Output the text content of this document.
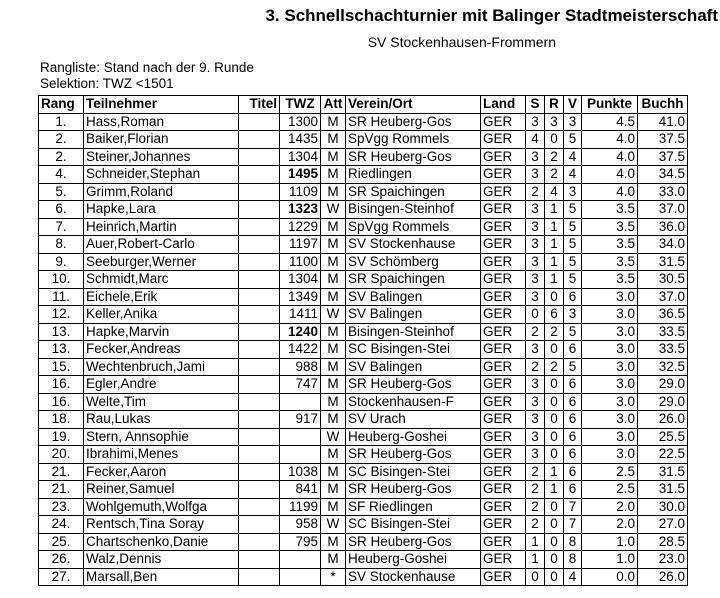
3. Schnellschachturnier mit Balinger Stadtmeisterschaft
SV Stockenhausen-Frommern
Rangliste: Stand nach der 9. Runde
Selektion: TWZ <1501
Rang	Teilnehmer	Titel	TWZ	Att	Verein/Ort	Land	S	R	V	Punkte	Buchh
1.	Hass,Roman		1300	M	SR Heuberg-Gos	GER	3	3	3	4.5	41.0
2.	Baiker,Florian		1435	M	SpVgg Rommels	GER	4	0	5	4.0	37.5
2.	Steiner,Johannes		1304	M	SR Heuberg-Gos	GER	3	2	4	4.0	37.5
4.	Schneider,Stephan		1495	M	Riedlingen	GER	3	2	4	4.0	34.5
5.	Grimm,Roland		1109	M	SR Spaichingen	GER	2	4	3	4.0	33.0
6.	Hapke,Lara		1323	W	Bisingen-Steinhof	GER	3	1	5	3.5	37.0
7.	Heinrich,Martin		1229	M	SpVgg Rommels	GER	3	1	5	3.5	36.0
8.	Auer,Robert-Carlo		1197	M	SV Stockenhause	GER	3	1	5	3.5	34.0
9.	Seeburger,Werner		1100	M	SV Schömberg	GER	3	1	5	3.5	31.5
10.	Schmidt,Marc		1304	M	SR Spaichingen	GER	3	1	5	3.5	30.5
11.	Eichele,Erik		1349	M	SV Balingen	GER	3	0	6	3.0	37.0
12.	Keller,Anika		1411	W	SV Balingen	GER	0	6	3	3.0	36.5
13.	Hapke,Marvin		1240	M	Bisingen-Steinhof	GER	2	2	5	3.0	33.5
13.	Fecker,Andreas		1422	M	SC Bisingen-Stei	GER	3	0	6	3.0	33.5
15.	Wechtenbruch,Jami		988	M	SV Balingen	GER	2	2	5	3.0	32.5
16.	Egler,Andre		747	M	SR Heuberg-Gos	GER	3	0	6	3.0	29.0
16.	Welte,Tim			M	Stockenhausen-F	GER	3	0	6	3.0	29.0
18.	Rau,Lukas		917	M	SV Urach	GER	3	0	6	3.0	26.0
19.	Stern, Annsophie			W	Heuberg-Goshei	GER	3	0	6	3.0	25.5
20.	Ibrahimi,Menes			M	SR Heuberg-Gos	GER	3	0	6	3.0	22.5
21.	Fecker,Aaron		1038	M	SC Bisingen-Stei	GER	2	1	6	2.5	31.5
21.	Reiner,Samuel		841	M	SR Heuberg-Gos	GER	2	1	6	2.5	31.5
23.	Wohlgemuth,Wolfga		1199	M	SF Riedlingen	GER	2	0	7	2.0	30.0
24.	Rentsch,Tina Soray		958	W	SC Bisingen-Stei	GER	2	0	7	2.0	27.0
25.	Chartschenko,Danie		795	M	SR Heuberg-Gos	GER	1	0	8	1.0	28.5
26.	Walz,Dennis			M	Heuberg-Goshei	GER	1	0	8	1.0	23.0
27.	Marsall,Ben			*	SV Stockenhause	GER	0	0	4	0.0	26.0
